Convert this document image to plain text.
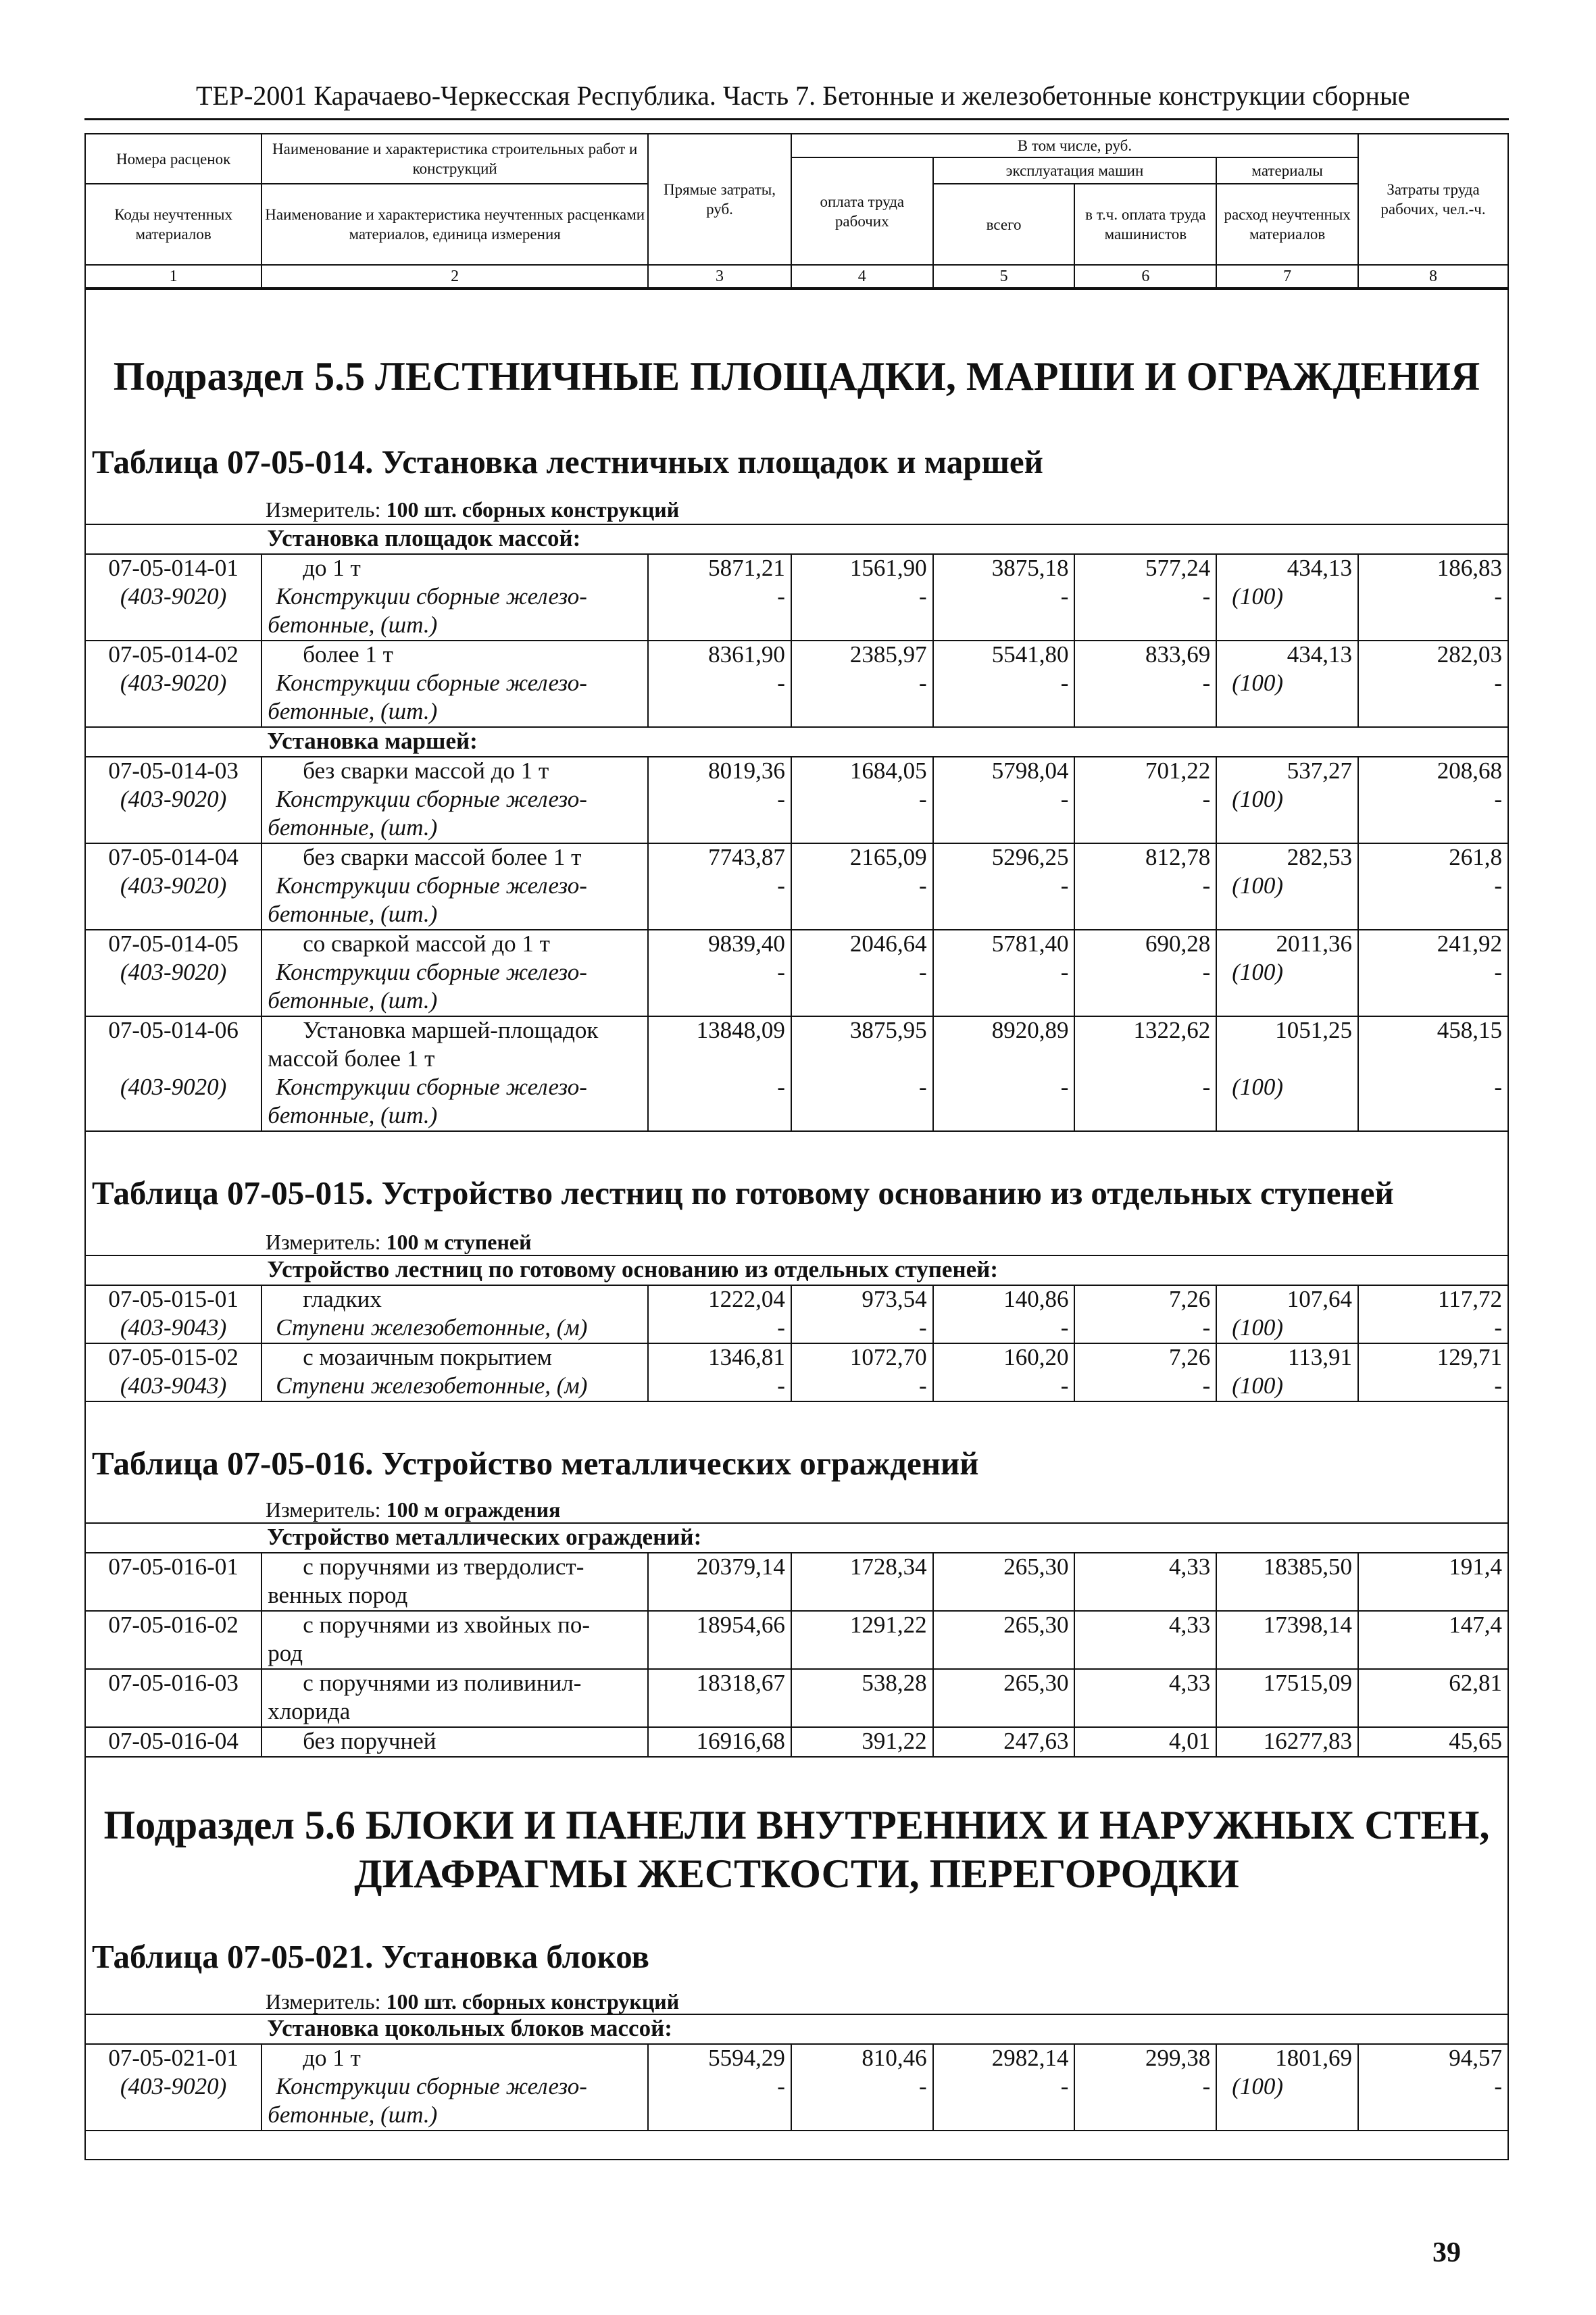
ТЕР-2001 Карачаево-Черкесская Республика. Часть 7. Бетонные и железобетонные конструкции сборные
Номера расценок	Наименование и характеристика строительных работ и конструкций	Прямые затраты, руб.	В том числе, руб.				Затраты труда рабочих, чел.-ч.
			оплата труда рабочих	эксплуатация машин		материалы	
Коды неучтенных материалов	Наименование и характеристика неучтенных расценками материалов, единица измерения			всего	в т.ч. оплата труда машинистов	расход неучтенных материалов	

1	2	3	4	5	6	7	8
Подраздел 5.5 ЛЕСТНИЧНЫЕ ПЛОЩАДКИ, МАРШИ И ОГРАЖДЕНИЯ
Таблица 07-05-014. Установка лестничных площадок и маршей
Измеритель: 100 шт. сборных конструкций
	Установка площадок массой:						
07-05-014-01	до 1 т	5871,21	1561,90	3875,18	577,24	434,13	186,83
(403-9020)	Конструкции сборные железо-	-	-	-	-	(100)	-
	бетонные, (шт.)						
07-05-014-02	более 1 т	8361,90	2385,97	5541,80	833,69	434,13	282,03
(403-9020)	Конструкции сборные железо-	-	-	-	-	(100)	-
	бетонные, (шт.)						
	Установка маршей:						
07-05-014-03	без сварки массой до 1 т	8019,36	1684,05	5798,04	701,22	537,27	208,68
(403-9020)	Конструкции сборные железо-	-	-	-	-	(100)	-
	бетонные, (шт.)						
07-05-014-04	без сварки массой более 1 т	7743,87	2165,09	5296,25	812,78	282,53	261,8
(403-9020)	Конструкции сборные железо-	-	-	-	-	(100)	-
	бетонные, (шт.)						
07-05-014-05	со сваркой массой до 1 т	9839,40	2046,64	5781,40	690,28	2011,36	241,92
(403-9020)	Конструкции сборные железо-	-	-	-	-	(100)	-
	бетонные, (шт.)						
07-05-014-06	Установка маршей-площадок	13848,09	3875,95	8920,89	1322,62	1051,25	458,15
	массой более 1 т						
(403-9020)	Конструкции сборные железо-	-	-	-	-	(100)	-
	бетонные, (шт.)						
Таблица 07-05-015. Устройство лестниц по готовому основанию из отдельных ступеней
Измеритель: 100 м ступеней
	Устройство лестниц по готовому основанию из отдельных ступеней:						
07-05-015-01	гладких	1222,04	973,54	140,86	7,26	107,64	117,72
(403-9043)	Ступени железобетонные, (м)	-	-	-	-	(100)	-
07-05-015-02	с мозаичным покрытием	1346,81	1072,70	160,20	7,26	113,91	129,71
(403-9043)	Ступени железобетонные, (м)	-	-	-	-	(100)	-
Таблица 07-05-016. Устройство металлических ограждений
Измеритель: 100 м ограждения
	Устройство металлических ограждений:						
07-05-016-01	с поручнями из твердолист-	20379,14	1728,34	265,30	4,33	18385,50	191,4
	венных пород						
07-05-016-02	с поручнями из хвойных по-	18954,66	1291,22	265,30	4,33	17398,14	147,4
	род						
07-05-016-03	с поручнями из поливинил-	18318,67	538,28	265,30	4,33	17515,09	62,81
	хлорида						
07-05-016-04	без поручней	16916,68	391,22	247,63	4,01	16277,83	45,65
Подраздел 5.6 БЛОКИ И ПАНЕЛИ ВНУТРЕННИХ И НАРУЖНЫХ СТЕН,
ДИАФРАГМЫ ЖЕСТКОСТИ, ПЕРЕГОРОДКИ
Таблица 07-05-021. Установка блоков
Измеритель: 100 шт. сборных конструкций
	Установка цокольных блоков массой:						
07-05-021-01	до 1 т	5594,29	810,46	2982,14	299,38	1801,69	94,57
(403-9020)	Конструкции сборные железо-	-	-	-	-	(100)	-
	бетонные, (шт.)						
39
